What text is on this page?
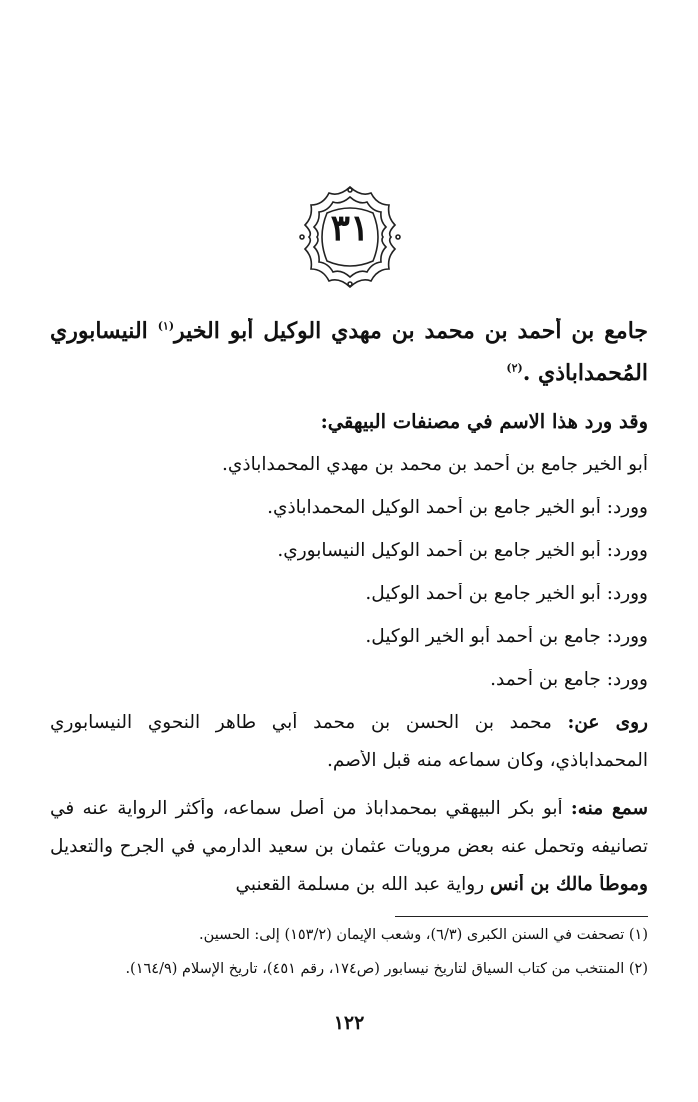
٣١
جامع بن أحمد بن محمد بن مهدي الوكيل أبو الخير$^{(١)}$ النيسابوري
المُحمداباذي .$^{(٢)}$
وقد ورد هذا الاسم في مصنفات البيهقي:
أبو الخير جامع بن أحمد بن محمد بن مهدي المحمداباذي.
وورد: أبو الخير جامع بن أحمد الوكيل المحمداباذي.
وورد: أبو الخير جامع بن أحمد الوكيل النيسابوري.
وورد: أبو الخير جامع بن أحمد الوكيل.
وورد: جامع بن أحمد أبو الخير الوكيل.
وورد: جامع بن أحمد.
روى عن: محمد بن الحسن بن محمد أبي طاهر النحوي النيسابوري
المحمداباذي، وكان سماعه منه قبل الأصم.
سمع منه: أبو بكر البيهقي بمحمداباذ من أصل سماعه، وأكثر الرواية عنه في
تصانيفه وتحمل عنه بعض مرويات عثمان بن سعيد الدارمي في الجرح والتعديل
وموطأ مالك بن أنس رواية عبد الله بن مسلمة القعنبي
(١) تصحفت في السنن الكبرى (٦/٣)، وشعب الإيمان (١٥٣/٢) إلى: الحسين.
(٢) المنتخب من كتاب السياق لتاريخ نيسابور (ص١٧٤، رقم ٤٥١)، تاريخ الإسلام (١٦٤/٩).
١٢٢
